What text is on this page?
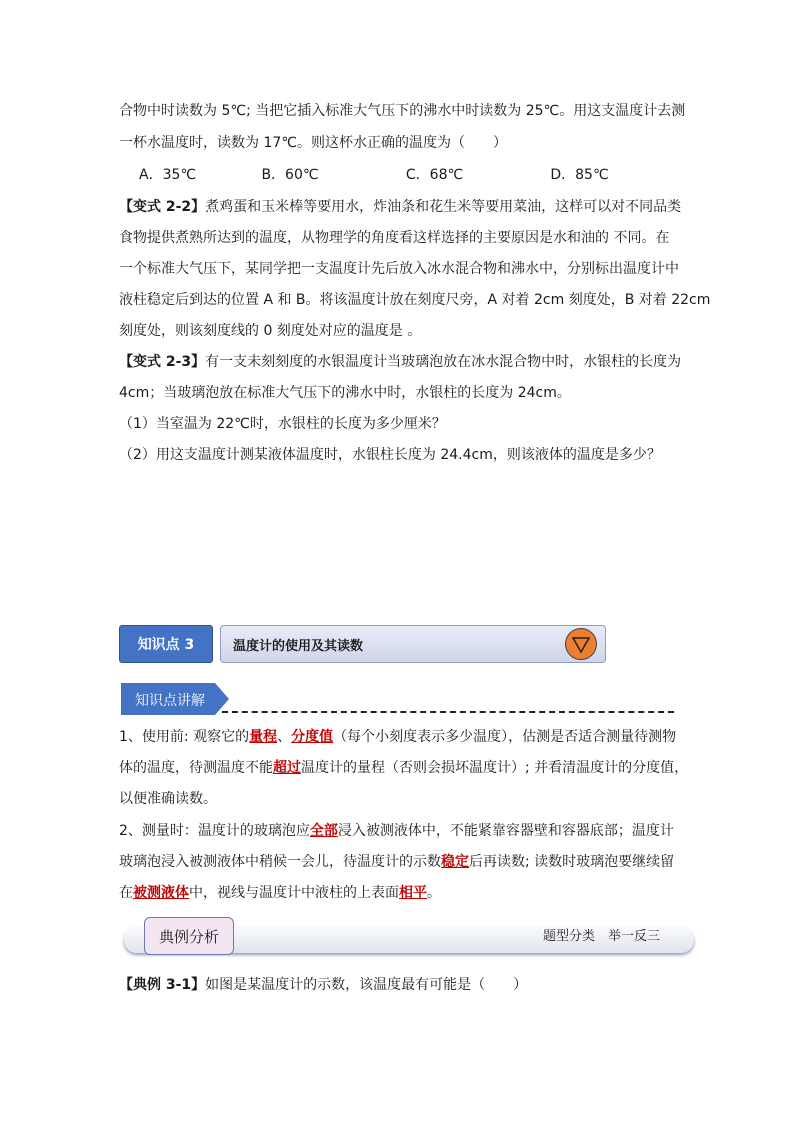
合物中时读数为 5℃; 当把它插入标准大气压下的沸水中时读数为 25℃。用这支温度计去测
一杯水温度时，读数为 17℃。则这杯水正确的温度为（　　）
A．35℃	B．60℃	C．68℃	D．85℃
【变式 2-2】煮鸡蛋和玉米棒等要用水，炸油条和花生米等要用菜油，这样可以对不同品类
食物提供煮熟所达到的温度，从物理学的角度看这样选择的主要原因是水和油的 不同。在
一个标准大气压下，某同学把一支温度计先后放入冰水混合物和沸水中，分别标出温度计中
液柱稳定后到达的位置 A 和 B。将该温度计放在刻度尺旁，A 对着 2cm 刻度处，B 对着 22cm
刻度处，则该刻度线的 0 刻度处对应的温度是 。
【变式 2-3】有一支未刻刻度的水银温度计当玻璃泡放在冰水混合物中时，水银柱的长度为
4cm；当玻璃泡放在标准大气压下的沸水中时，水银柱的长度为 24cm。
（1）当室温为 22℃时，水银柱的长度为多少厘米？
（2）用这支温度计测某液体温度时，水银柱长度为 24.4cm，则该液体的温度是多少？
知识点 3	温度计的使用及其读数
知识点讲解
1、使用前: 观察它的量程、分度值（每个小刻度表示多少温度），估测是否适合测量待测物
体的温度，待测温度不能超过温度计的量程（否则会损坏温度计）; 并看清温度计的分度值，
以便准确读数。
2、测量时：温度计的玻璃泡应全部浸入被测液体中，不能紧靠容器壁和容器底部；温度计
玻璃泡浸入被测液体中稍候一会儿，待温度计的示数稳定后再读数; 读数时玻璃泡要继续留
在被测液体中，视线与温度计中液柱的上表面相平。
典例分析	题型分类　举一反三
【典例 3-1】如图是某温度计的示数，该温度最有可能是（　　）
